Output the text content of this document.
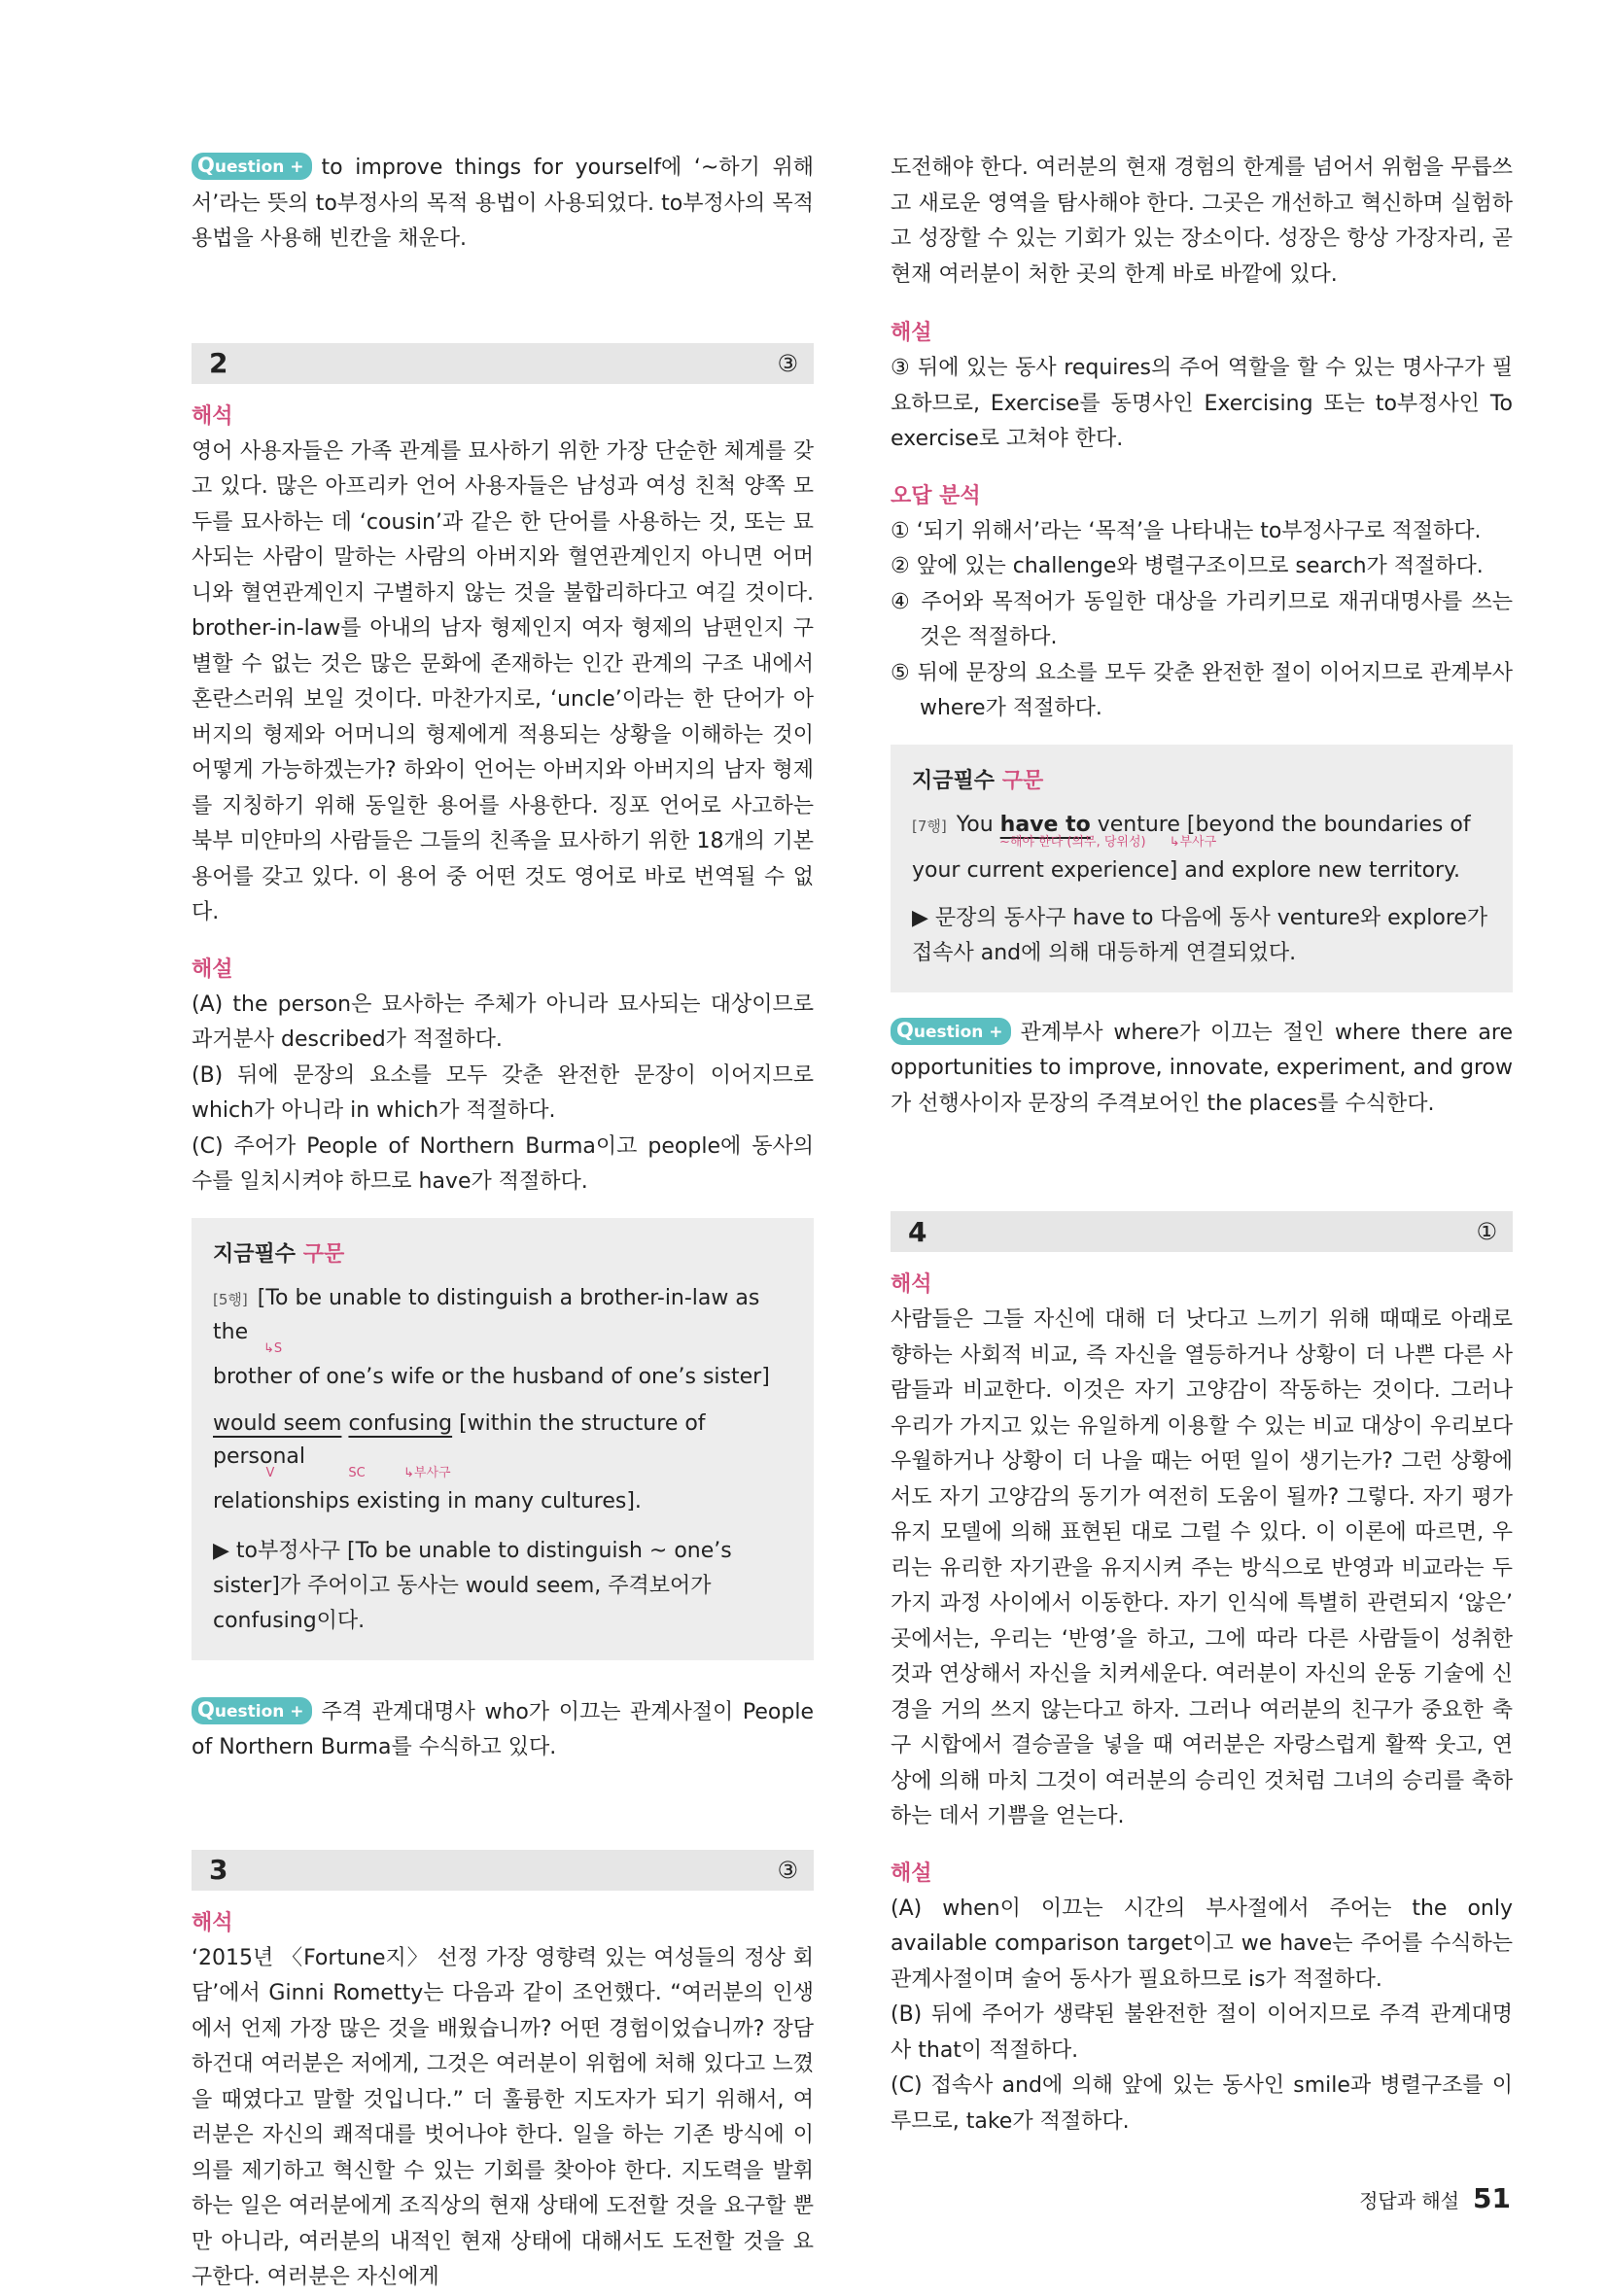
Question + to improve things for yourself에 ‘~하기 위해서’라는 뜻의 to부정사의 목적 용법이 사용되었다. to부정사의 목적 용법을 사용해 빈칸을 채운다.

2	③

해석

영어 사용자들은 가족 관계를 묘사하기 위한 가장 단순한 체계를 갖고 있다. 많은 아프리카 언어 사용자들은 남성과 여성 친척 양쪽 모두를 묘사하는 데 ‘cousin’과 같은 한 단어를 사용하는 것, 또는 묘사되는 사람이 말하는 사람의 아버지와 혈연관계인지 아니면 어머니와 혈연관계인지 구별하지 않는 것을 불합리하다고 여길 것이다. brother-in-law를 아내의 남자 형제인지 여자 형제의 남편인지 구별할 수 없는 것은 많은 문화에 존재하는 인간 관계의 구조 내에서 혼란스러워 보일 것이다. 마찬가지로, ‘uncle’이라는 한 단어가 아버지의 형제와 어머니의 형제에게 적용되는 상황을 이해하는 것이 어떻게 가능하겠는가? 하와이 언어는 아버지와 아버지의 남자 형제를 지칭하기 위해 동일한 용어를 사용한다. 징포 언어로 사고하는 북부 미얀마의 사람들은 그들의 친족을 묘사하기 위한 18개의 기본 용어를 갖고 있다. 이 용어 중 어떤 것도 영어로 바로 번역될 수 없다.

해설

(A) the person은 묘사하는 주체가 아니라 묘사되는 대상이므로 과거분사 described가 적절하다.

(B) 뒤에 문장의 요소를 모두 갖춘 완전한 문장이 이어지므로 which가 아니라 in which가 적절하다.

(C) 주어가 People of Northern Burma이고 people에 동사의 수를 일치시켜야 하므로 have가 적절하다.

지금필수 구문

[5행] [To be unable to distinguish a brother-in-law as the

↳S

brother of one’s wife or the husband of one’s sister]

would seem confusing [within the structure of personal

V	SC	↳부사구

relationships existing in many cultures].

▶ to부정사구 [To be unable to distinguish ~ one’s sister]가 주어이고 동사는 would seem, 주격보어가 confusing이다.

Question + 주격 관계대명사 who가 이끄는 관계사절이 People of Northern Burma를 수식하고 있다.

3	③

해석

‘2015년 〈Fortune지〉 선정 가장 영향력 있는 여성들의 정상 회담’에서 Ginni Rometty는 다음과 같이 조언했다. “여러분의 인생에서 언제 가장 많은 것을 배웠습니까? 어떤 경험이었습니까? 장담하건대 여러분은 저에게, 그것은 여러분이 위험에 처해 있다고 느꼈을 때였다고 말할 것입니다.” 더 훌륭한 지도자가 되기 위해서, 여러분은 자신의 쾌적대를 벗어나야 한다. 일을 하는 기존 방식에 이의를 제기하고 혁신할 수 있는 기회를 찾아야 한다. 지도력을 발휘하는 일은 여러분에게 조직상의 현재 상태에 도전할 것을 요구할 뿐만 아니라, 여러분의 내적인 현재 상태에 대해서도 도전할 것을 요구한다. 여러분은 자신에게

도전해야 한다. 여러분의 현재 경험의 한계를 넘어서 위험을 무릅쓰고 새로운 영역을 탐사해야 한다. 그곳은 개선하고 혁신하며 실험하고 성장할 수 있는 기회가 있는 장소이다. 성장은 항상 가장자리, 곧 현재 여러분이 처한 곳의 한계 바로 바깥에 있다.

해설

③ 뒤에 있는 동사 requires의 주어 역할을 할 수 있는 명사구가 필요하므로, Exercise를 동명사인 Exercising 또는 to부정사인 To exercise로 고쳐야 한다.

오답 분석

① ‘되기 위해서’라는 ‘목적’을 나타내는 to부정사구로 적절하다.

② 앞에 있는 challenge와 병렬구조이므로 search가 적절하다.

④ 주어와 목적어가 동일한 대상을 가리키므로 재귀대명사를 쓰는 것은 적절하다.

⑤ 뒤에 문장의 요소를 모두 갖춘 완전한 절이 이어지므로 관계부사 where가 적절하다.

지금필수 구문

[7행] You have to venture [beyond the boundaries of

~해야 한다 (의무, 당위성) ↳부사구

your current experience] and explore new territory.

▶ 문장의 동사구 have to 다음에 동사 venture와 explore가 접속사 and에 의해 대등하게 연결되었다.

Question + 관계부사 where가 이끄는 절인 where there are opportunities to improve, innovate, experiment, and grow가 선행사이자 문장의 주격보어인 the places를 수식한다.

4	①

해석

사람들은 그들 자신에 대해 더 낫다고 느끼기 위해 때때로 아래로 향하는 사회적 비교, 즉 자신을 열등하거나 상황이 더 나쁜 다른 사람들과 비교한다. 이것은 자기 고양감이 작동하는 것이다. 그러나 우리가 가지고 있는 유일하게 이용할 수 있는 비교 대상이 우리보다 우월하거나 상황이 더 나을 때는 어떤 일이 생기는가? 그런 상황에서도 자기 고양감의 동기가 여전히 도움이 될까? 그렇다. 자기 평가 유지 모델에 의해 표현된 대로 그럴 수 있다. 이 이론에 따르면, 우리는 유리한 자기관을 유지시켜 주는 방식으로 반영과 비교라는 두 가지 과정 사이에서 이동한다. 자기 인식에 특별히 관련되지 ‘않은’ 곳에서는, 우리는 ‘반영’을 하고, 그에 따라 다른 사람들이 성취한 것과 연상해서 자신을 치켜세운다. 여러분이 자신의 운동 기술에 신경을 거의 쓰지 않는다고 하자. 그러나 여러분의 친구가 중요한 축구 시합에서 결승골을 넣을 때 여러분은 자랑스럽게 활짝 웃고, 연상에 의해 마치 그것이 여러분의 승리인 것처럼 그녀의 승리를 축하하는 데서 기쁨을 얻는다.

해설

(A) when이 이끄는 시간의 부사절에서 주어는 the only available comparison target이고 we have는 주어를 수식하는 관계사절이며 술어 동사가 필요하므로 is가 적절하다.

(B) 뒤에 주어가 생략된 불완전한 절이 이어지므로 주격 관계대명사 that이 적절하다.

(C) 접속사 and에 의해 앞에 있는 동사인 smile과 병렬구조를 이루므로, take가 적절하다.

정답과 해설 51
